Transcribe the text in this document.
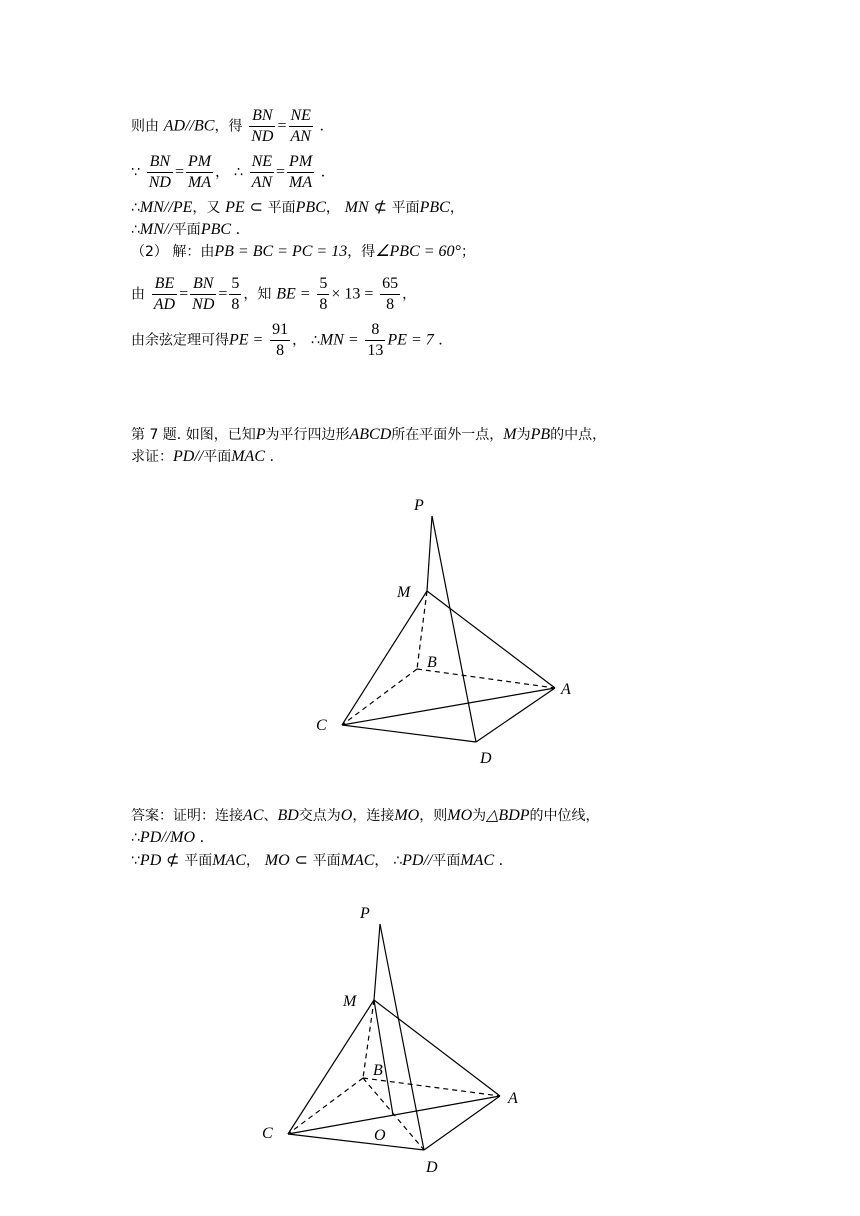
则由 AD//BC，得 $\frac{BN}{ND} = \frac{NE}{AN}$ .
∵ $\frac{BN}{ND} = \frac{PM}{MA}$ ， ∴ $\frac{NE}{AN} = \frac{PM}{MA}$ .
∴MN//PE，又 PE ⊂ 平面PBC， MN ⊄ 平面PBC，
∴MN//平面PBC .
（2） 解：由PB = BC = PC = 13，得∠PBC = 60°；
由 $\frac{BE}{AD} = \frac{BN}{ND} = \frac{5}{8}$ ，知 BE = $\frac{5}{8} \times 13 = \frac{65}{8}$ ，
由余弦定理可得PE = $\frac{91}{8}$ ， ∴MN = $\frac{8}{13}$ PE = 7 .
第 7 题. 如图，已知P为平行四边形ABCD所在平面外一点，M为PB的中点，
求证：PD//平面MAC .
P
M
B
A
C
D
答案：证明：连接AC、BD交点为O，连接MO，则MO为△BDP的中位线，
∴PD//MO .
∵PD ⊄ 平面MAC， MO ⊂ 平面MAC， ∴PD//平面MAC .
P
M
B
A
C	O
D
